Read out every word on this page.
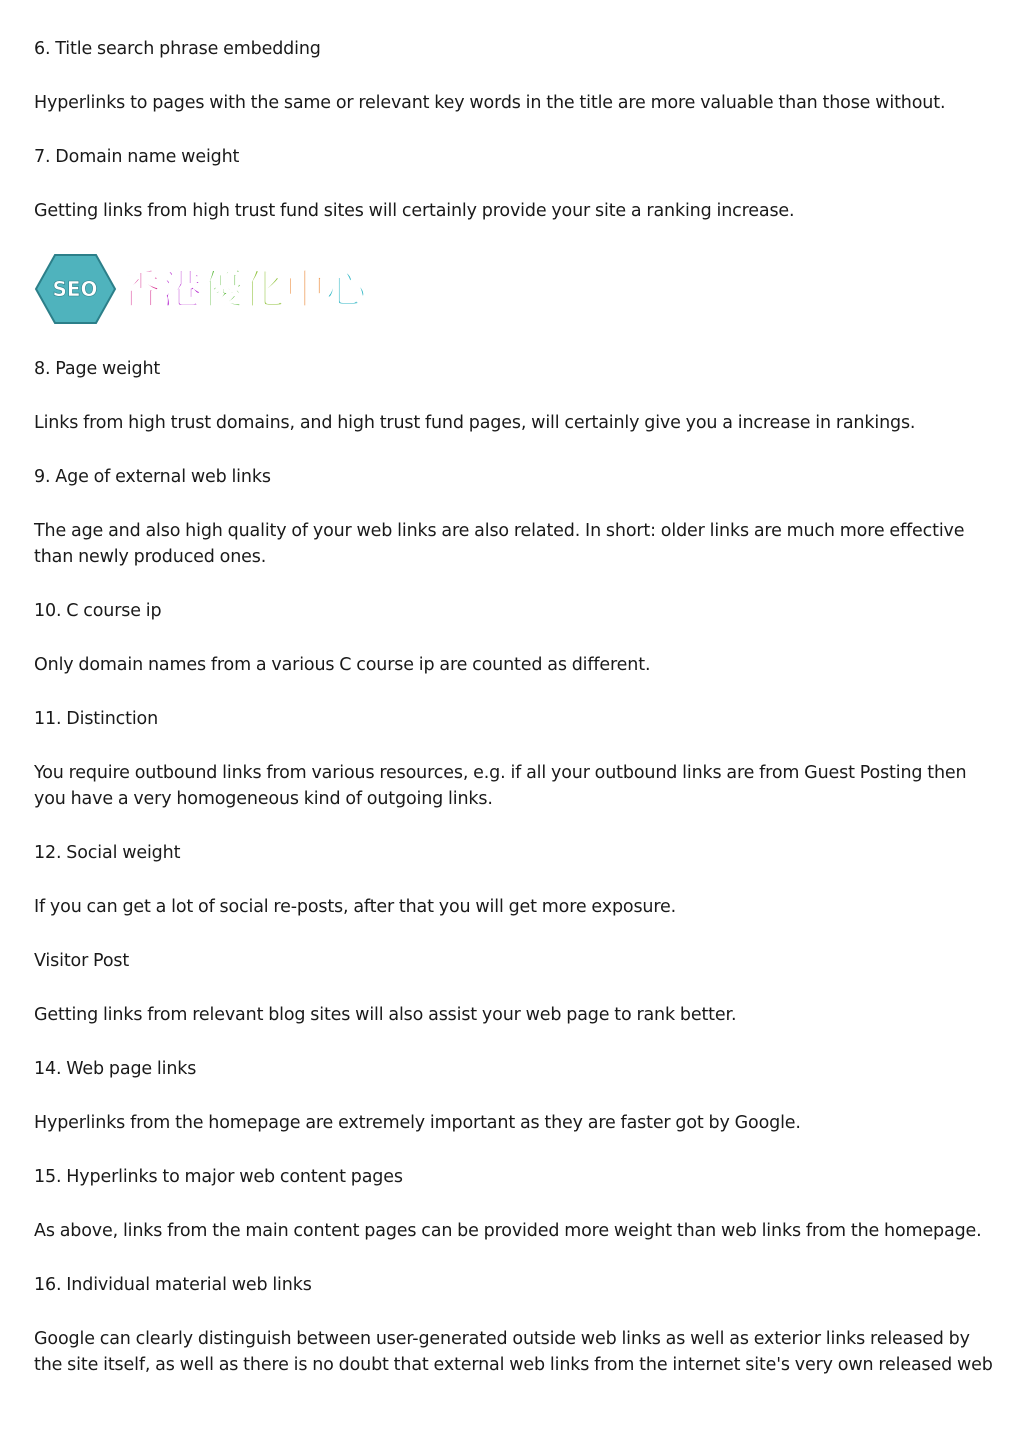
6. Title search phrase embedding

Hyperlinks to pages with the same or relevant key words in the title are more valuable than those without.

7. Domain name weight

Getting links from high trust fund sites will certainly provide your site a ranking increase.

SEO 香港優化中心

8. Page weight

Links from high trust domains, and high trust fund pages, will certainly give you a increase in rankings.

9. Age of external web links

The age and also high quality of your web links are also related. In short: older links are much more effective than newly produced ones.

10. C course ip

Only domain names from a various C course ip are counted as different.

11. Distinction

You require outbound links from various resources, e.g. if all your outbound links are from Guest Posting then you have a very homogeneous kind of outgoing links.

12. Social weight

If you can get a lot of social re-posts, after that you will get more exposure.

Visitor Post

Getting links from relevant blog sites will also assist your web page to rank better.

14. Web page links

Hyperlinks from the homepage are extremely important as they are faster got by Google.

15. Hyperlinks to major web content pages

As above, links from the main content pages can be provided more weight than web links from the homepage.

16. Individual material web links

Google can clearly distinguish between user-generated outside web links as well as exterior links released by the site itself, as well as there is no doubt that external web links from the internet site's very own released web
